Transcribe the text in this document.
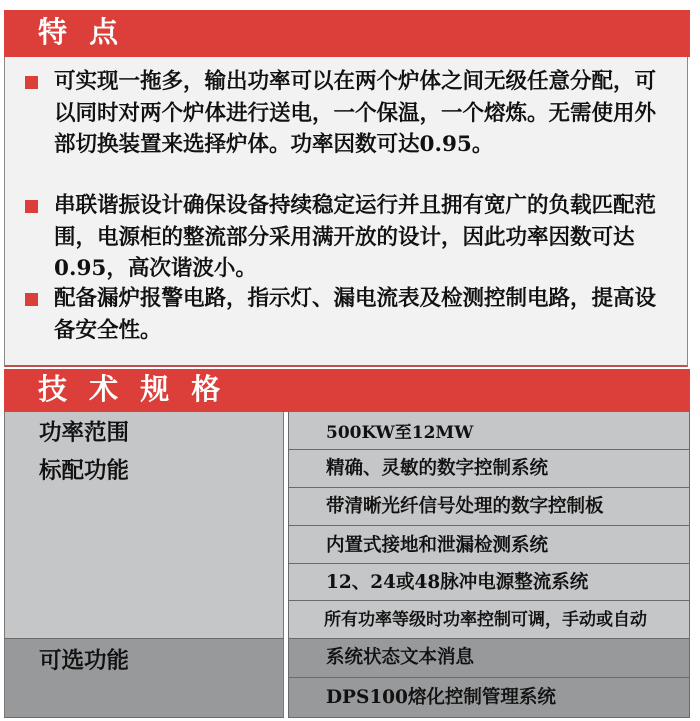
特 点
可实现一拖多，输出功率可以在两个炉体之间无级任意分配，可以同时对两个炉体进行送电，一个保温，一个熔炼。无需使用外部切换装置来选择炉体。功率因数可达0.95。
串联谐振设计确保设备持续稳定运行并且拥有宽广的负载匹配范围，电源柜的整流部分采用满开放的设计，因此功率因数可达0.95，高次谐波小。
配备漏炉报警电路，指示灯、漏电流表及检测控制电路，提高设备安全性。
技 术 规 格
功率范围
标配功能
可选功能
500KW至12MW
精确、灵敏的数字控制系统
带清晰光纤信号处理的数字控制板
内置式接地和泄漏检测系统
12、24或48脉冲电源整流系统
所有功率等级时功率控制可调，手动或自动
系统状态文本消息
DPS100熔化控制管理系统
